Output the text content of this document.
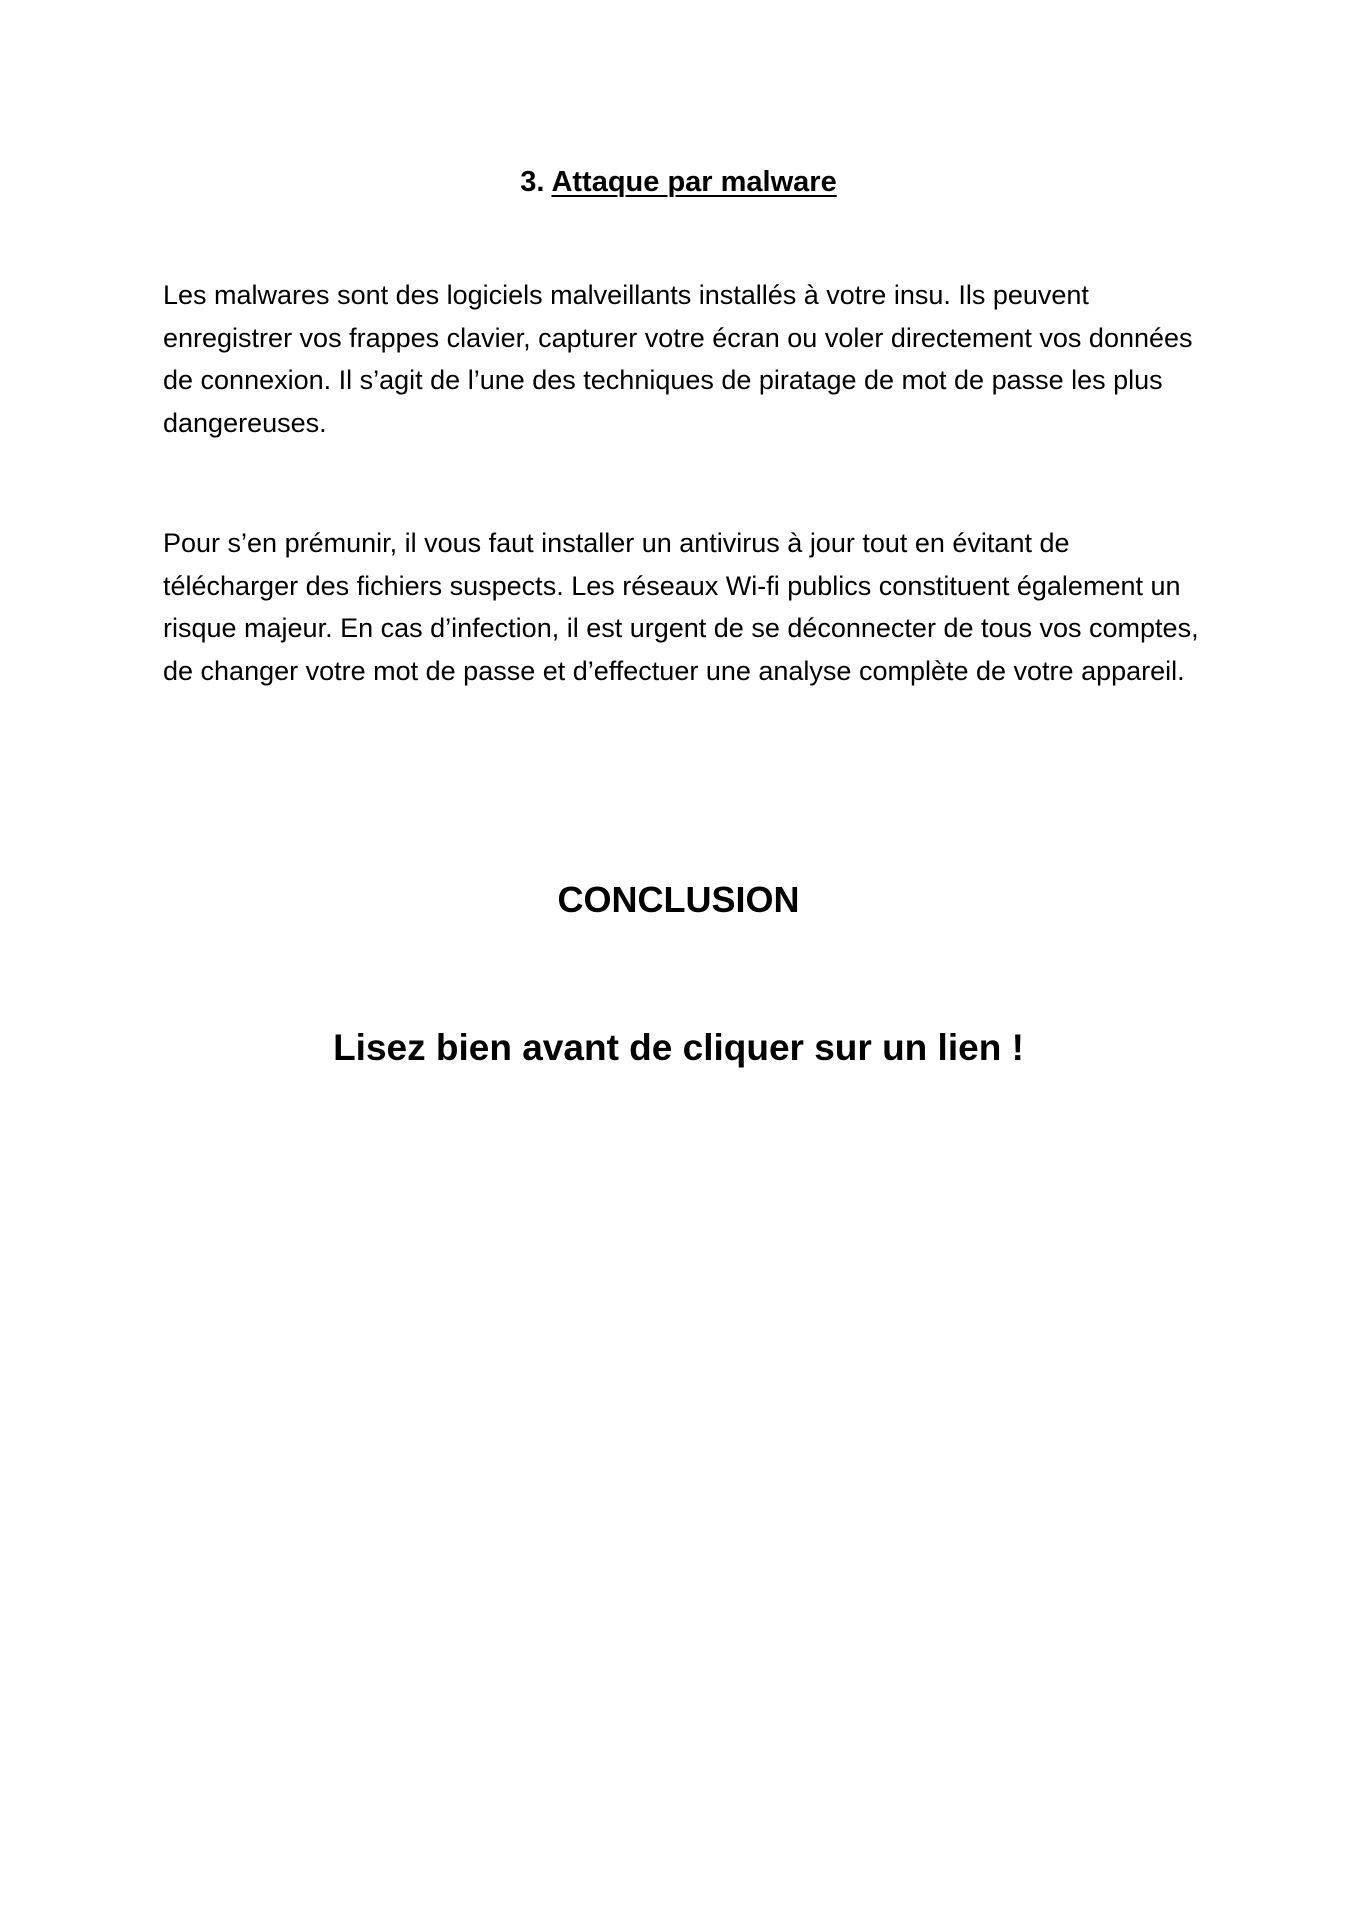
3. Attaque par malware

Les malwares sont des logiciels malveillants installés à votre insu. Ils peuvent enregistrer vos frappes clavier, capturer votre écran ou voler directement vos données de connexion. Il s’agit de l’une des techniques de piratage de mot de passe les plus dangereuses.

Pour s’en prémunir, il vous faut installer un antivirus à jour tout en évitant de télécharger des fichiers suspects. Les réseaux Wi-fi publics constituent également un risque majeur. En cas d’infection, il est urgent de se déconnecter de tous vos comptes, de changer votre mot de passe et d’effectuer une analyse complète de votre appareil.

CONCLUSION
Lisez bien avant de cliquer sur un lien !
